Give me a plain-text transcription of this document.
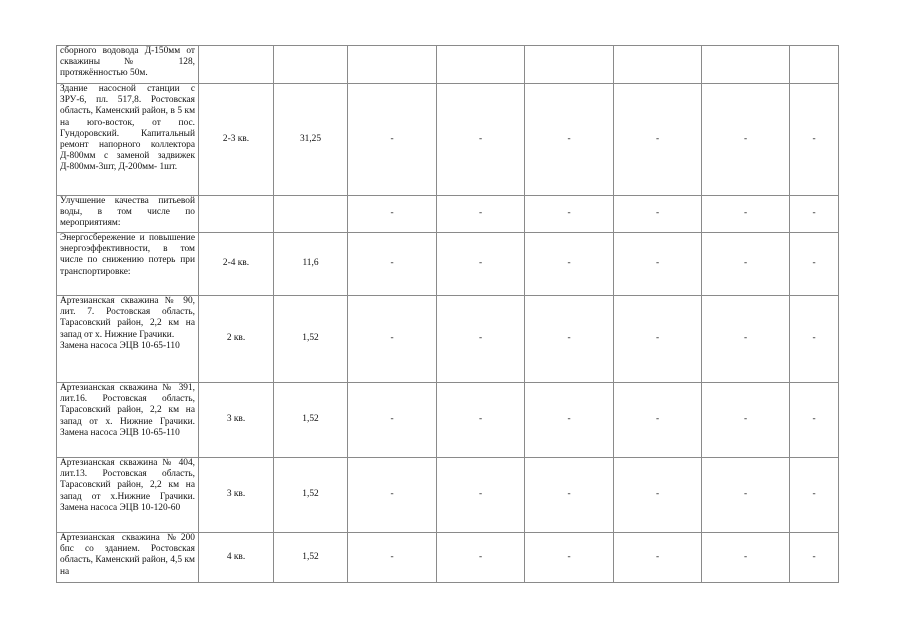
сборного водовода Д-150мм от скважины № 128, протяжённостью 50м.								
Здание насосной станции с ЗРУ-6, пл. 517,8. Ростовская область, Каменский район, в 5 км на юго-восток, от пос. Гундоровский. Капитальный ремонт напорного коллектора Д-800мм с заменой задвижек Д-800мм-3шт, Д-200мм- 1шт.	2-3 кв.	31,25	-	-	-	-	-	-
Улучшение качества питьевой воды, в том числе по мероприятиям:			-	-	-	-	-	-
Энергосбережение и повышение энергоэффективности, в том числе по снижению потерь при транспортировке:	2-4 кв.	11,6	-	-	-	-	-	-
Артезианская скважина № 90, лит. 7. Ростовская область, Тарасовский район, 2,2 км на запад от х. Нижние Грачики.
Замена насоса ЭЦВ 10-65-110	2 кв.	1,52	-	-	-	-	-	-
Артезианская скважина № 391, лит.16. Ростовская область, Тарасовский район, 2,2 км на запад от х. Нижние Грачики. Замена насоса ЭЦВ 10-65-110	3 кв.	1,52	-	-	-	-	-	-
Артезианская скважина № 404, лит.13. Ростовская область, Тарасовский район, 2,2 км на запад от х.Нижние Грачики. Замена насоса ЭЦВ 10-120-60	3 кв.	1,52	-	-	-	-	-	-
Артезианская скважина №200 бпс со зданием. Ростовская область, Каменский район, 4,5 км на	4 кв.	1,52	-	-	-	-	-	-
